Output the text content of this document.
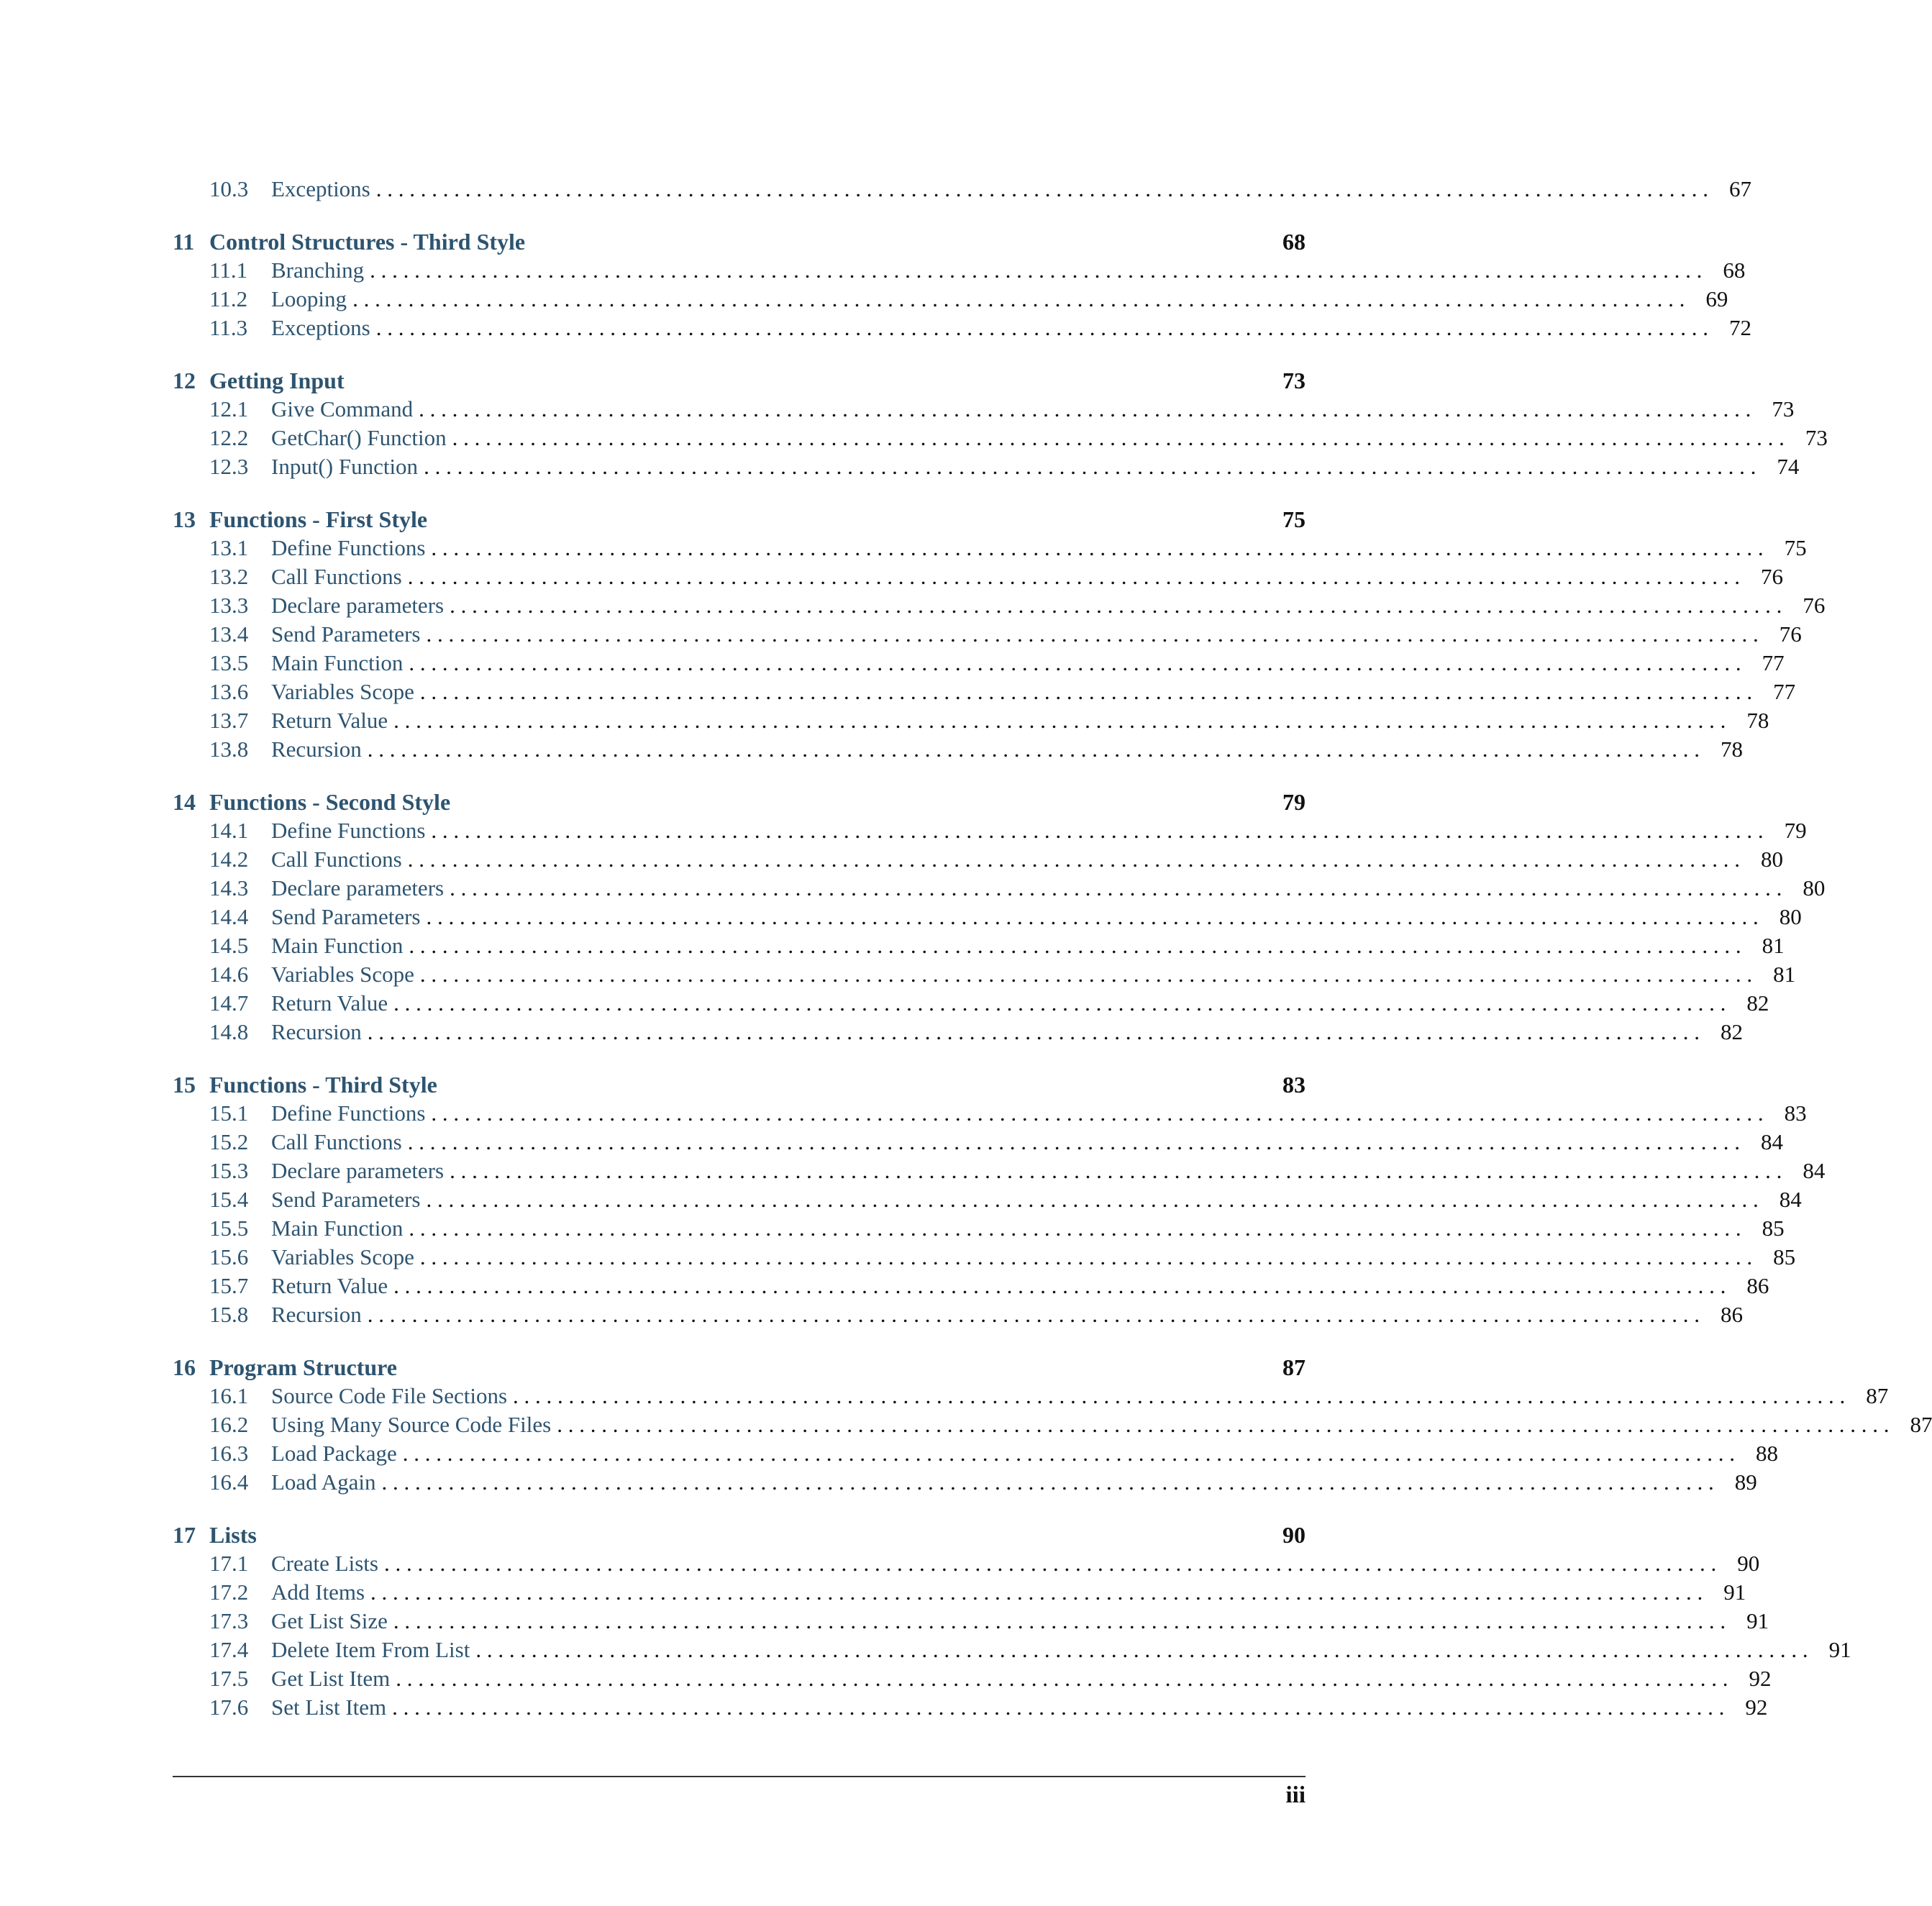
10.3	Exceptions . . . . . . . . . . . . . . . . . . . . . . . . . . . . . . . . . . . . . . . . . . . . . . . . . . . . . . . . . . . . . . . . . . . . . . . . . . . . . . . . . . . . . . . . . . . . . . . . . . . . . . . . . . . . . . . . . . . . . . . . 67
11 Control Structures - Third Style	68
11.1	Branching . . . . . . . . . . . . . . . . . . . . . . . . . . . . . . . . . . . . . . . . . . . . . . . . . . . . . . . . . . . . . . . . . . . . . . . . . . . . . . . . . . . . . . . . . . . . . . . . . . . . . . . . . . . . . . . . . . . . . . . . 68
11.2	Looping . . . . . . . . . . . . . . . . . . . . . . . . . . . . . . . . . . . . . . . . . . . . . . . . . . . . . . . . . . . . . . . . . . . . . . . . . . . . . . . . . . . . . . . . . . . . . . . . . . . . . . . . . . . . . . . . . . . . . . . . 69
11.3	Exceptions . . . . . . . . . . . . . . . . . . . . . . . . . . . . . . . . . . . . . . . . . . . . . . . . . . . . . . . . . . . . . . . . . . . . . . . . . . . . . . . . . . . . . . . . . . . . . . . . . . . . . . . . . . . . . . . . . . . . . . . . 72
12 Getting Input	73
12.1	Give Command . . . . . . . . . . . . . . . . . . . . . . . . . . . . . . . . . . . . . . . . . . . . . . . . . . . . . . . . . . . . . . . . . . . . . . . . . . . . . . . . . . . . . . . . . . . . . . . . . . . . . . . . . . . . . . . . . . . . . . . . 73
12.2	GetChar() Function . . . . . . . . . . . . . . . . . . . . . . . . . . . . . . . . . . . . . . . . . . . . . . . . . . . . . . . . . . . . . . . . . . . . . . . . . . . . . . . . . . . . . . . . . . . . . . . . . . . . . . . . . . . . . . . . . . . . . . . . 73
12.3	Input() Function . . . . . . . . . . . . . . . . . . . . . . . . . . . . . . . . . . . . . . . . . . . . . . . . . . . . . . . . . . . . . . . . . . . . . . . . . . . . . . . . . . . . . . . . . . . . . . . . . . . . . . . . . . . . . . . . . . . . . . . . 74
13 Functions - First Style	75
13.1	Define Functions . . . . . . . . . . . . . . . . . . . . . . . . . . . . . . . . . . . . . . . . . . . . . . . . . . . . . . . . . . . . . . . . . . . . . . . . . . . . . . . . . . . . . . . . . . . . . . . . . . . . . . . . . . . . . . . . . . . . . . . . 75
13.2	Call Functions . . . . . . . . . . . . . . . . . . . . . . . . . . . . . . . . . . . . . . . . . . . . . . . . . . . . . . . . . . . . . . . . . . . . . . . . . . . . . . . . . . . . . . . . . . . . . . . . . . . . . . . . . . . . . . . . . . . . . . . . 76
13.3	Declare parameters . . . . . . . . . . . . . . . . . . . . . . . . . . . . . . . . . . . . . . . . . . . . . . . . . . . . . . . . . . . . . . . . . . . . . . . . . . . . . . . . . . . . . . . . . . . . . . . . . . . . . . . . . . . . . . . . . . . . . . . . 76
13.4	Send Parameters . . . . . . . . . . . . . . . . . . . . . . . . . . . . . . . . . . . . . . . . . . . . . . . . . . . . . . . . . . . . . . . . . . . . . . . . . . . . . . . . . . . . . . . . . . . . . . . . . . . . . . . . . . . . . . . . . . . . . . . . 76
13.5	Main Function . . . . . . . . . . . . . . . . . . . . . . . . . . . . . . . . . . . . . . . . . . . . . . . . . . . . . . . . . . . . . . . . . . . . . . . . . . . . . . . . . . . . . . . . . . . . . . . . . . . . . . . . . . . . . . . . . . . . . . . . 77
13.6	Variables Scope . . . . . . . . . . . . . . . . . . . . . . . . . . . . . . . . . . . . . . . . . . . . . . . . . . . . . . . . . . . . . . . . . . . . . . . . . . . . . . . . . . . . . . . . . . . . . . . . . . . . . . . . . . . . . . . . . . . . . . . . 77
13.7	Return Value . . . . . . . . . . . . . . . . . . . . . . . . . . . . . . . . . . . . . . . . . . . . . . . . . . . . . . . . . . . . . . . . . . . . . . . . . . . . . . . . . . . . . . . . . . . . . . . . . . . . . . . . . . . . . . . . . . . . . . . . 78
13.8	Recursion . . . . . . . . . . . . . . . . . . . . . . . . . . . . . . . . . . . . . . . . . . . . . . . . . . . . . . . . . . . . . . . . . . . . . . . . . . . . . . . . . . . . . . . . . . . . . . . . . . . . . . . . . . . . . . . . . . . . . . . . 78
14 Functions - Second Style	79
14.1	Define Functions . . . . . . . . . . . . . . . . . . . . . . . . . . . . . . . . . . . . . . . . . . . . . . . . . . . . . . . . . . . . . . . . . . . . . . . . . . . . . . . . . . . . . . . . . . . . . . . . . . . . . . . . . . . . . . . . . . . . . . . . 79
14.2	Call Functions . . . . . . . . . . . . . . . . . . . . . . . . . . . . . . . . . . . . . . . . . . . . . . . . . . . . . . . . . . . . . . . . . . . . . . . . . . . . . . . . . . . . . . . . . . . . . . . . . . . . . . . . . . . . . . . . . . . . . . . . 80
14.3	Declare parameters . . . . . . . . . . . . . . . . . . . . . . . . . . . . . . . . . . . . . . . . . . . . . . . . . . . . . . . . . . . . . . . . . . . . . . . . . . . . . . . . . . . . . . . . . . . . . . . . . . . . . . . . . . . . . . . . . . . . . . . . 80
14.4	Send Parameters . . . . . . . . . . . . . . . . . . . . . . . . . . . . . . . . . . . . . . . . . . . . . . . . . . . . . . . . . . . . . . . . . . . . . . . . . . . . . . . . . . . . . . . . . . . . . . . . . . . . . . . . . . . . . . . . . . . . . . . . 80
14.5	Main Function . . . . . . . . . . . . . . . . . . . . . . . . . . . . . . . . . . . . . . . . . . . . . . . . . . . . . . . . . . . . . . . . . . . . . . . . . . . . . . . . . . . . . . . . . . . . . . . . . . . . . . . . . . . . . . . . . . . . . . . . 81
14.6	Variables Scope . . . . . . . . . . . . . . . . . . . . . . . . . . . . . . . . . . . . . . . . . . . . . . . . . . . . . . . . . . . . . . . . . . . . . . . . . . . . . . . . . . . . . . . . . . . . . . . . . . . . . . . . . . . . . . . . . . . . . . . . 81
14.7	Return Value . . . . . . . . . . . . . . . . . . . . . . . . . . . . . . . . . . . . . . . . . . . . . . . . . . . . . . . . . . . . . . . . . . . . . . . . . . . . . . . . . . . . . . . . . . . . . . . . . . . . . . . . . . . . . . . . . . . . . . . . 82
14.8	Recursion . . . . . . . . . . . . . . . . . . . . . . . . . . . . . . . . . . . . . . . . . . . . . . . . . . . . . . . . . . . . . . . . . . . . . . . . . . . . . . . . . . . . . . . . . . . . . . . . . . . . . . . . . . . . . . . . . . . . . . . . 82
15 Functions - Third Style	83
15.1	Define Functions . . . . . . . . . . . . . . . . . . . . . . . . . . . . . . . . . . . . . . . . . . . . . . . . . . . . . . . . . . . . . . . . . . . . . . . . . . . . . . . . . . . . . . . . . . . . . . . . . . . . . . . . . . . . . . . . . . . . . . . . 83
15.2	Call Functions . . . . . . . . . . . . . . . . . . . . . . . . . . . . . . . . . . . . . . . . . . . . . . . . . . . . . . . . . . . . . . . . . . . . . . . . . . . . . . . . . . . . . . . . . . . . . . . . . . . . . . . . . . . . . . . . . . . . . . . . 84
15.3	Declare parameters . . . . . . . . . . . . . . . . . . . . . . . . . . . . . . . . . . . . . . . . . . . . . . . . . . . . . . . . . . . . . . . . . . . . . . . . . . . . . . . . . . . . . . . . . . . . . . . . . . . . . . . . . . . . . . . . . . . . . . . . 84
15.4	Send Parameters . . . . . . . . . . . . . . . . . . . . . . . . . . . . . . . . . . . . . . . . . . . . . . . . . . . . . . . . . . . . . . . . . . . . . . . . . . . . . . . . . . . . . . . . . . . . . . . . . . . . . . . . . . . . . . . . . . . . . . . . 84
15.5	Main Function . . . . . . . . . . . . . . . . . . . . . . . . . . . . . . . . . . . . . . . . . . . . . . . . . . . . . . . . . . . . . . . . . . . . . . . . . . . . . . . . . . . . . . . . . . . . . . . . . . . . . . . . . . . . . . . . . . . . . . . . 85
15.6	Variables Scope . . . . . . . . . . . . . . . . . . . . . . . . . . . . . . . . . . . . . . . . . . . . . . . . . . . . . . . . . . . . . . . . . . . . . . . . . . . . . . . . . . . . . . . . . . . . . . . . . . . . . . . . . . . . . . . . . . . . . . . . 85
15.7	Return Value . . . . . . . . . . . . . . . . . . . . . . . . . . . . . . . . . . . . . . . . . . . . . . . . . . . . . . . . . . . . . . . . . . . . . . . . . . . . . . . . . . . . . . . . . . . . . . . . . . . . . . . . . . . . . . . . . . . . . . . . 86
15.8	Recursion . . . . . . . . . . . . . . . . . . . . . . . . . . . . . . . . . . . . . . . . . . . . . . . . . . . . . . . . . . . . . . . . . . . . . . . . . . . . . . . . . . . . . . . . . . . . . . . . . . . . . . . . . . . . . . . . . . . . . . . . 86
16 Program Structure	87
16.1	Source Code File Sections . . . . . . . . . . . . . . . . . . . . . . . . . . . . . . . . . . . . . . . . . . . . . . . . . . . . . . . . . . . . . . . . . . . . . . . . . . . . . . . . . . . . . . . . . . . . . . . . . . . . . . . . . . . . . . . . . . . . . . . . 87
16.2	Using Many Source Code Files . . . . . . . . . . . . . . . . . . . . . . . . . . . . . . . . . . . . . . . . . . . . . . . . . . . . . . . . . . . . . . . . . . . . . . . . . . . . . . . . . . . . . . . . . . . . . . . . . . . . . . . . . . . . . . . . . . . . . . . . 87
16.3	Load Package . . . . . . . . . . . . . . . . . . . . . . . . . . . . . . . . . . . . . . . . . . . . . . . . . . . . . . . . . . . . . . . . . . . . . . . . . . . . . . . . . . . . . . . . . . . . . . . . . . . . . . . . . . . . . . . . . . . . . . . . 88
16.4	Load Again . . . . . . . . . . . . . . . . . . . . . . . . . . . . . . . . . . . . . . . . . . . . . . . . . . . . . . . . . . . . . . . . . . . . . . . . . . . . . . . . . . . . . . . . . . . . . . . . . . . . . . . . . . . . . . . . . . . . . . . . 89
17 Lists	90
17.1	Create Lists . . . . . . . . . . . . . . . . . . . . . . . . . . . . . . . . . . . . . . . . . . . . . . . . . . . . . . . . . . . . . . . . . . . . . . . . . . . . . . . . . . . . . . . . . . . . . . . . . . . . . . . . . . . . . . . . . . . . . . . . 90
17.2	Add Items . . . . . . . . . . . . . . . . . . . . . . . . . . . . . . . . . . . . . . . . . . . . . . . . . . . . . . . . . . . . . . . . . . . . . . . . . . . . . . . . . . . . . . . . . . . . . . . . . . . . . . . . . . . . . . . . . . . . . . . . 91
17.3	Get List Size . . . . . . . . . . . . . . . . . . . . . . . . . . . . . . . . . . . . . . . . . . . . . . . . . . . . . . . . . . . . . . . . . . . . . . . . . . . . . . . . . . . . . . . . . . . . . . . . . . . . . . . . . . . . . . . . . . . . . . . . 91
17.4	Delete Item From List . . . . . . . . . . . . . . . . . . . . . . . . . . . . . . . . . . . . . . . . . . . . . . . . . . . . . . . . . . . . . . . . . . . . . . . . . . . . . . . . . . . . . . . . . . . . . . . . . . . . . . . . . . . . . . . . . . . . . . . . 91
17.5	Get List Item . . . . . . . . . . . . . . . . . . . . . . . . . . . . . . . . . . . . . . . . . . . . . . . . . . . . . . . . . . . . . . . . . . . . . . . . . . . . . . . . . . . . . . . . . . . . . . . . . . . . . . . . . . . . . . . . . . . . . . . . 92
17.6	Set List Item . . . . . . . . . . . . . . . . . . . . . . . . . . . . . . . . . . . . . . . . . . . . . . . . . . . . . . . . . . . . . . . . . . . . . . . . . . . . . . . . . . . . . . . . . . . . . . . . . . . . . . . . . . . . . . . . . . . . . . . . 92
iii
